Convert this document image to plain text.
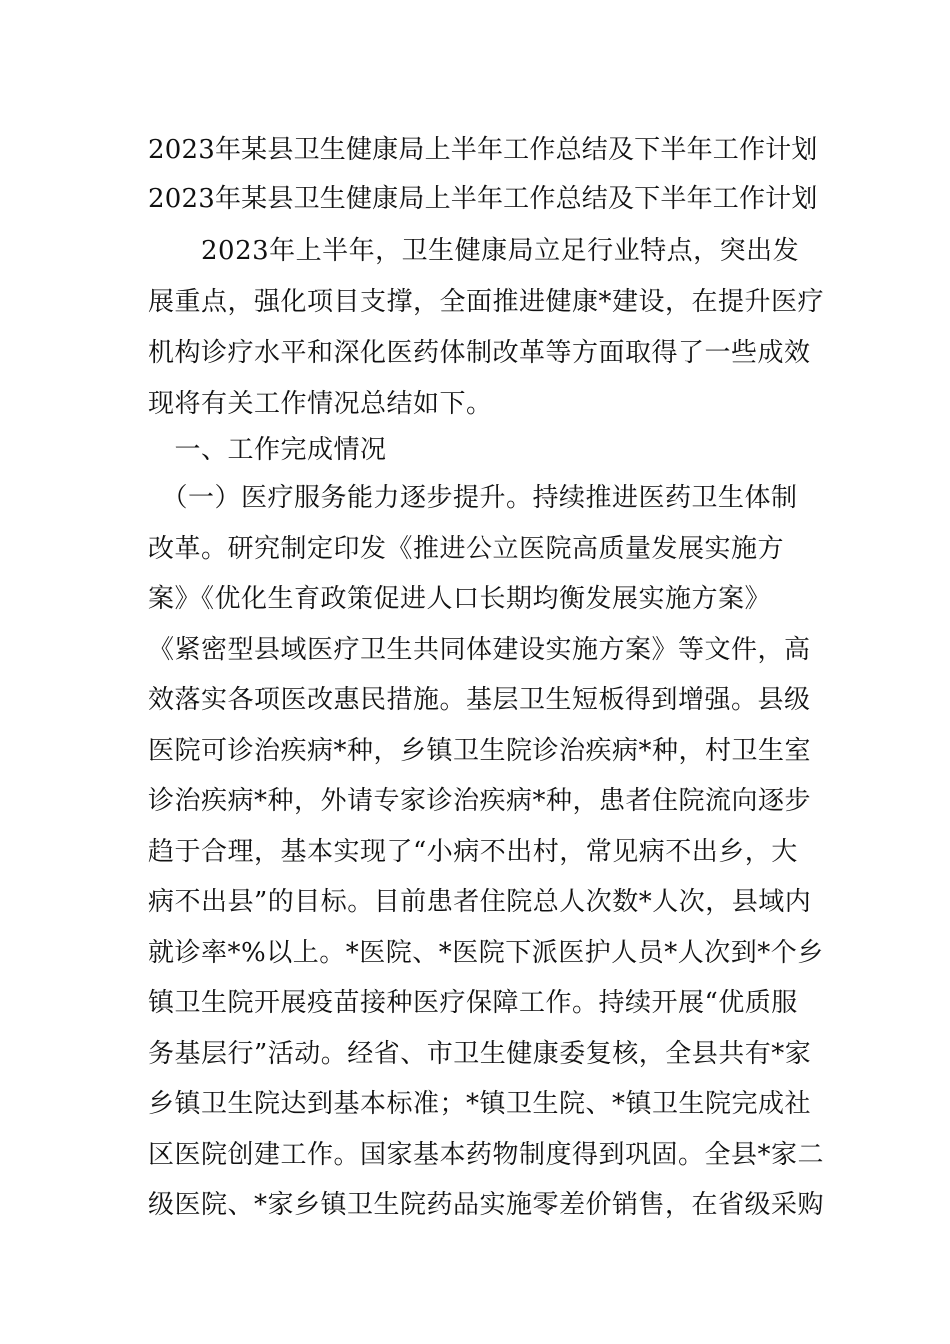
2023年某县卫生健康局上半年工作总结及下半年工作计划
2023年某县卫生健康局上半年工作总结及下半年工作计划
　　2023年上半年，卫生健康局立足行业特点，突出发
展重点，强化项目支撑，全面推进健康*建设，在提升医疗
机构诊疗水平和深化医药体制改革等方面取得了一些成效
现将有关工作情况总结如下。
　一、工作完成情况
　（一）医疗服务能力逐步提升。持续推进医药卫生体制
改革。研究制定印发《推进公立医院高质量发展实施方
案》《优化生育政策促进人口长期均衡发展实施方案》
《紧密型县域医疗卫生共同体建设实施方案》等文件，高
效落实各项医改惠民措施。基层卫生短板得到增强。县级
医院可诊治疾病*种，乡镇卫生院诊治疾病*种，村卫生室
诊治疾病*种，外请专家诊治疾病*种，患者住院流向逐步
趋于合理，基本实现了“小病不出村，常见病不出乡，大
病不出县”的目标。目前患者住院总人次数*人次，县域内
就诊率*%以上。*医院、*医院下派医护人员*人次到*个乡
镇卫生院开展疫苗接种医疗保障工作。持续开展“优质服
务基层行”活动。经省、市卫生健康委复核，全县共有*家
乡镇卫生院达到基本标准；*镇卫生院、*镇卫生院完成社
区医院创建工作。国家基本药物制度得到巩固。全县*家二
级医院、*家乡镇卫生院药品实施零差价销售，在省级采购
